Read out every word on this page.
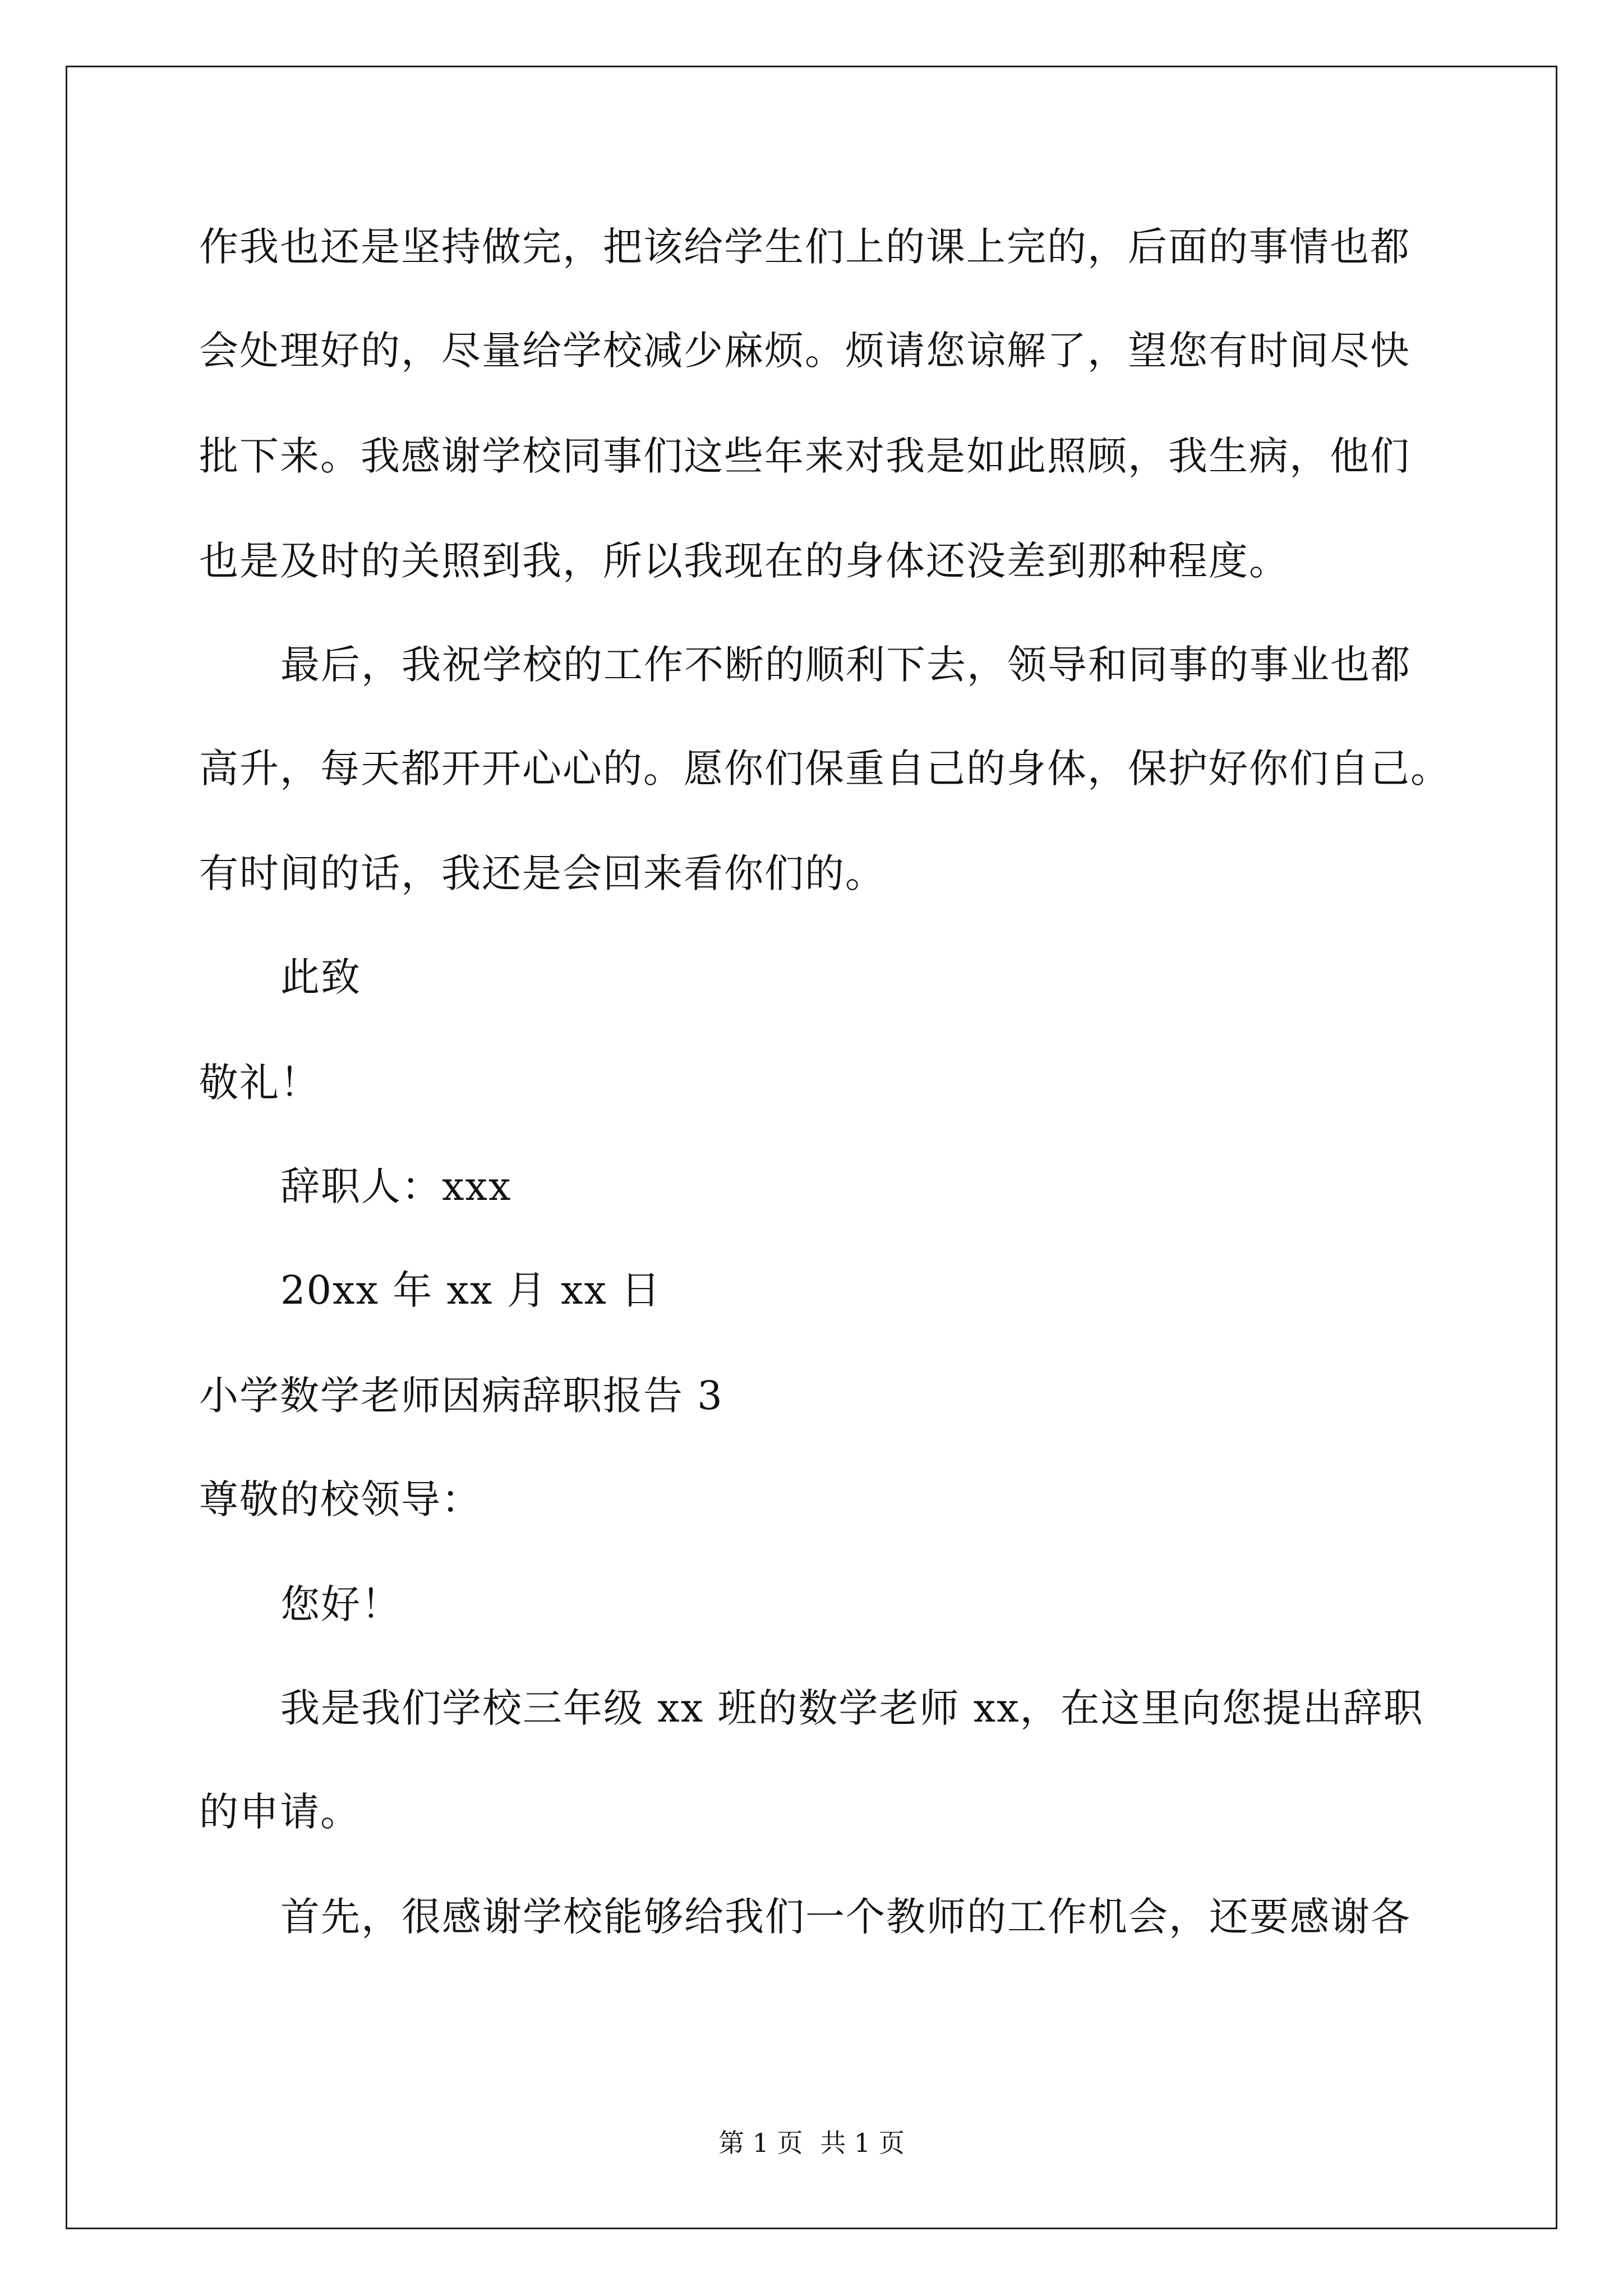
作我也还是坚持做完，把该给学生们上的课上完的，后面的事情也都
会处理好的，尽量给学校减少麻烦。烦请您谅解了，望您有时间尽快
批下来。我感谢学校同事们这些年来对我是如此照顾，我生病，他们
也是及时的关照到我，所以我现在的身体还没差到那种程度。
最后，我祝学校的工作不断的顺利下去，领导和同事的事业也都
高升，每天都开开心心的。愿你们保重自己的身体，保护好你们自己。
有时间的话，我还是会回来看你们的。
此致
敬礼！
辞职人：xxx
20xx 年 xx 月 xx 日
小学数学老师因病辞职报告 3
尊敬的校领导：
您好！
我是我们学校三年级 xx 班的数学老师 xx，在这里向您提出辞职
的申请。
首先，很感谢学校能够给我们一个教师的工作机会，还要感谢各
第 1 页 共 1 页
